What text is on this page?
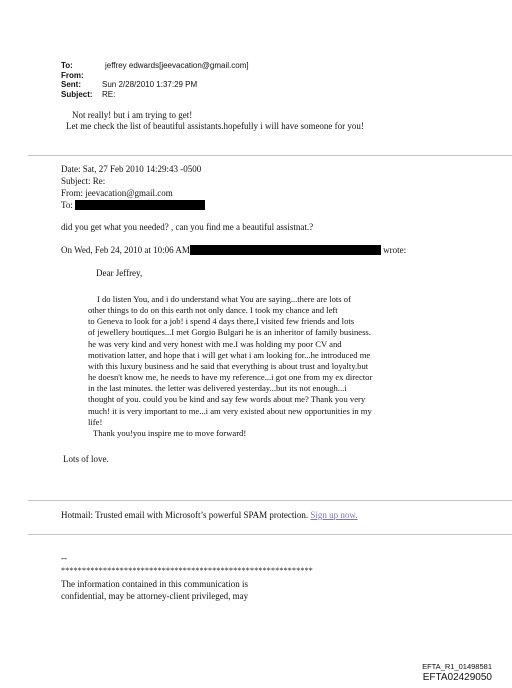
To:	jeffrey edwards[jeevacation@gmail.com]
From:
Sent:	Sun 2/28/2010 1:37:29 PM
Subject:	RE:
Not really! but i am trying to get!
Let me check the list of beautiful assistants.hopefully i will have someone for you!
Date: Sat, 27 Feb 2010 14:29:43 -0500
Subject: Re:
From: jeevacation@gmail.com
To:
did you get what you needed? , can you find me a beautiful assistnat.?
On Wed, Feb 24, 2010 at 10:06 AM	wrote:
Dear Jeffrey,
I do listen You, and i do understand what You are saying...there are lots of
other things to do on this earth not only dance. I took my chance and left
to Geneva to look for a job! i spend 4 days there,I visited few friends and lots
of jewellery boutiques...I met Gorgio Bulgari he is an inheritor of family business.
he was very kind and very honest with me.I was holding my poor CV and
motivation latter, and hope that i will get what i am looking for...he introduced me
with this luxury business and he said that everything is about trust and loyalty.but
he doesn't know me, he needs to have my reference...i got one from my ex director
in the last minutes. the letter was delivered yesterday...but its not enough...i
thought of you. could you be kind and say few words about me? Thank you very
much! it is very important to me...i am very existed about new opportunities in my
life!
Thank you!you inspire me to move forward!
Lots of love.
Hotmail: Trusted email with Microsoft’s powerful SPAM protection. Sign up now.
--
************************************************************
The information contained in this communication is
confidential, may be attorney-client privileged, may
EFTA_R1_01498581
EFTA02429050
